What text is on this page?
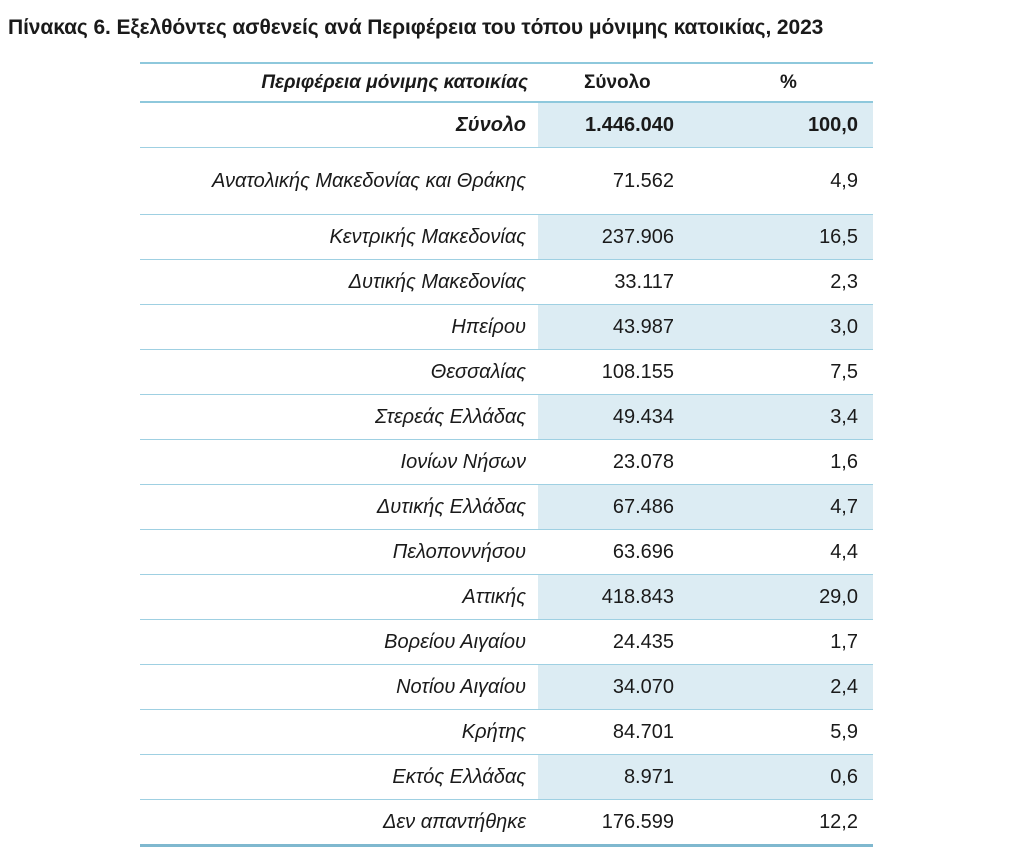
Πίνακας 6. Εξελθόντες ασθενείς ανά Περιφέρεια του τόπου μόνιμης κατοικίας, 2023
Περιφέρεια μόνιμης κατοικίας	Σύνολο	%
Σύνολο	1.446.040	100,0
Ανατολικής Μακεδονίας και Θράκης	71.562	4,9
Κεντρικής Μακεδονίας	237.906	16,5
Δυτικής Μακεδονίας	33.117	2,3
Ηπείρου	43.987	3,0
Θεσσαλίας	108.155	7,5
Στερεάς Ελλάδας	49.434	3,4
Ιονίων Νήσων	23.078	1,6
Δυτικής Ελλάδας	67.486	4,7
Πελοποννήσου	63.696	4,4
Αττικής	418.843	29,0
Βορείου Αιγαίου	24.435	1,7
Νοτίου Αιγαίου	34.070	2,4
Κρήτης	84.701	5,9
Εκτός Ελλάδας	8.971	0,6
Δεν απαντήθηκε	176.599	12,2
